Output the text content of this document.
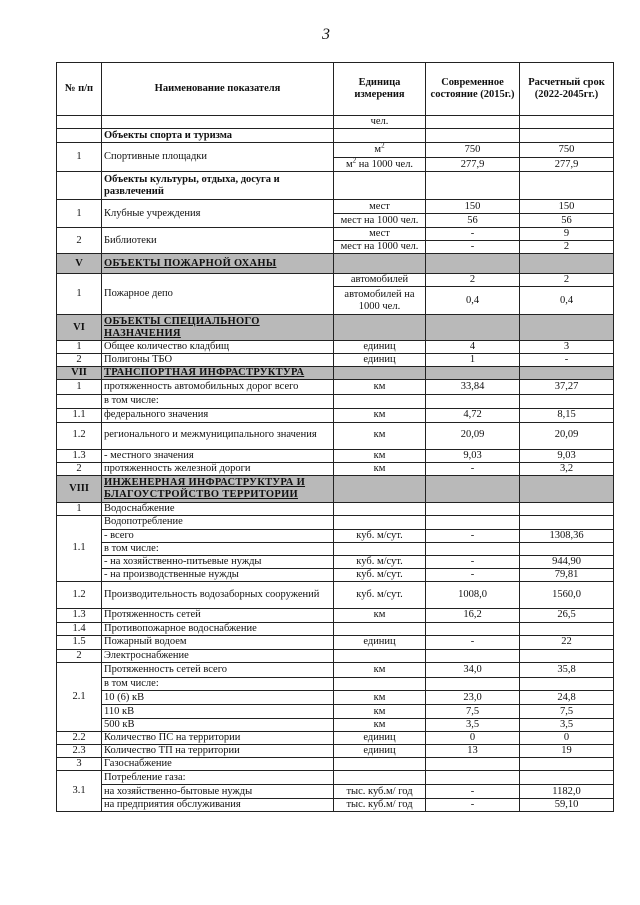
3
№ п/п	Наименование показателя	Единица измерения	Современное состояние (2015г.)	Расчетный срок (2022-2045гг.)
		чел.		
	Объекты спорта и туризма			
1	Спортивные площадки	$м^2$	750	750
		$м^2$ на 1000 чел.	277,9	277,9
	Объекты культуры, отдыха, досуга и развлечений			
1	Клубные учреждения	мест	150	150
		мест на 1000 чел.	56	56
2	Библиотеки	мест	-	9
		мест на 1000 чел.	-	2
V	ОБЪЕКТЫ ПОЖАРНОЙ ОХАНЫ			
1	Пожарное депо	автомобилей	2	2
		автомобилей на 1000 чел.	0,4	0,4
VI	ОБЪЕКТЫ СПЕЦИАЛЬНОГО НАЗНАЧЕНИЯ			
1	Общее количество кладбищ	единиц	4	3
2	Полигоны ТБО	единиц	1	-
VII	ТРАНСПОРТНАЯ ИНФРАСТРУКТУРА			
1	протяженность автомобильных дорог всего	км	33,84	37,27
	в том числе:			
1.1	федерального значения	км	4,72	8,15
1.2	регионального и межмуниципального значения	км	20,09	20,09
1.3	- местного значения	км	9,03	9,03
2	протяженность железной дороги	км	-	3,2
VIII	ИНЖЕНЕРНАЯ ИНФРАСТРУКТУРА И БЛАГОУСТРОЙСТВО ТЕРРИТОРИИ			
1	Водоснабжение			
1.1	Водопотребление			
	- всего	куб. м/сут.	-	1308,36
	в том числе:			
	- на хозяйственно-питьевые нужды	куб. м/сут.	-	944,90
	- на производственные нужды	куб. м/сут.	-	79,81
1.2	Производительность водозаборных сооружений	куб. м/сут.	1008,0	1560,0
1.3	Протяженность сетей	км	16,2	26,5
1.4	Противопожарное водоснабжение			
1.5	Пожарный водоем	единиц	-	22
2	Электроснабжение			
2.1	Протяженность сетей всего	км	34,0	35,8
	в том числе:			
	10 (6) кВ	км	23,0	24,8
	110 кВ	км	7,5	7,5
	500 кВ	км	3,5	3,5
2.2	Количество ПС на территории	единиц	0	0
2.3	Количество ТП на территории	единиц	13	19
3	Газоснабжение			
3.1	Потребление газа:			
	на хозяйственно-бытовые нужды	тыс. куб.м/ год	-	1182,0
	на предприятия обслуживания	тыс. куб.м/ год	-	59,10
